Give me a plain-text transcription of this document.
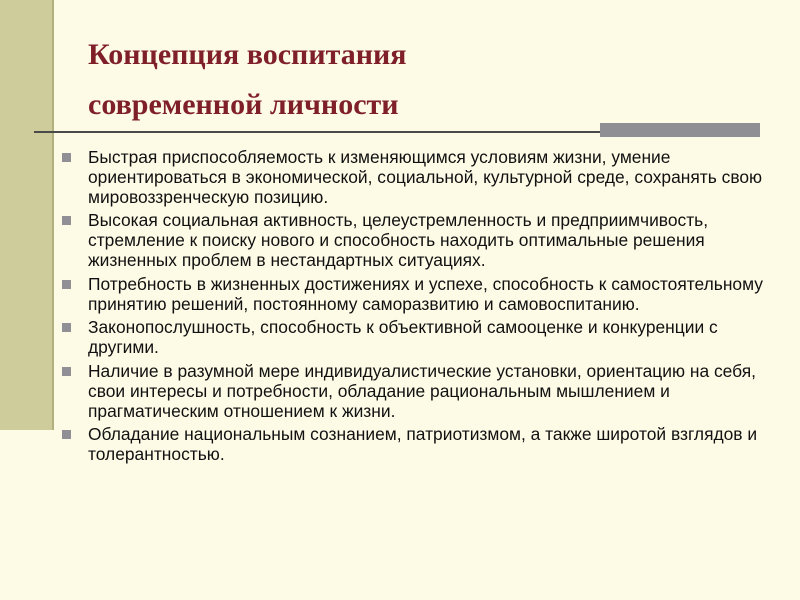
Концепция воспитания
современной личности
Быстрая приспособляемость к изменяющимся условиям жизни, умение ориентироваться в экономической, социальной, культурной среде, сохранять свою мировоззренческую позицию.
Высокая социальная активность, целеустремленность и предприимчивость, стремление к поиску нового и способность находить оптимальные решения жизненных проблем в нестандартных ситуациях.
Потребность в жизненных достижениях и успехе, способность к самостоятельному принятию решений, постоянному саморазвитию и самовоспитанию.
Законопослушность, способность к объективной самооценке и конкуренции с другими.
Наличие в разумной мере индивидуалистические установки, ориентацию на себя, свои интересы и потребности, обладание рациональным мышлением и прагматическим отношением к жизни.
Обладание национальным сознанием, патриотизмом, а также широтой взглядов и толерантностью.
